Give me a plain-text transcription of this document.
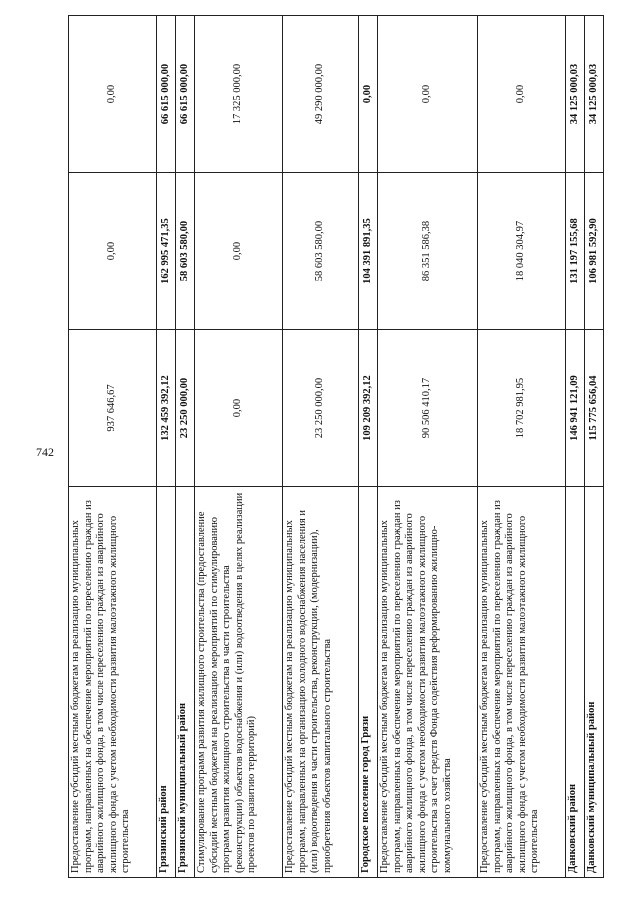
742
Предоставление субсидий местным бюджетам на реализацию муниципальных программ, направленных на обеспечение мероприятий по переселению граждан из аварийного жилищного фонда, в том числе переселению граждан из аварийного жилищного фонда с учетом необходимости развития малоэтажного жилищного строительства	937 646,67	0,00	0,00
Грязинский район	132 459 392,12	162 995 471,35	66 615 000,00
Грязинский муниципальный район	23 250 000,00	58 603 580,00	66 615 000,00
Стимулирование программ развития жилищного строительства (предоставление субсидий местным бюджетам на реализацию мероприятий по стимулированию программ развития жилищного строительства в части строительства (реконструкции) объектов водоснабжения и (или) водоотведения в целях реализации проектов по развитию территорий)	0,00	0,00	17 325 000,00
Предоставление субсидий местным бюджетам на реализацию муниципальных программ, направленных на организацию холодного водоснабжения населения и (или) водоотведения в части строительства, реконструкции, (модернизации), приобретения объектов капитального строительства	23 250 000,00	58 603 580,00	49 290 000,00
Городское поселение город Грязи	109 209 392,12	104 391 891,35	0,00
Предоставление субсидий местным бюджетам на реализацию муниципальных программ, направленных на обеспечение мероприятий по переселению граждан из аварийного жилищного фонда, в том числе переселению граждан из аварийного жилищного фонда с учетом необходимости развития малоэтажного жилищного строительства за счет средств Фонда содействия реформированию жилищно-коммунального хозяйства	90 506 410,17	86 351 586,38	0,00
Предоставление субсидий местным бюджетам на реализацию муниципальных программ, направленных на обеспечение мероприятий по переселению граждан из аварийного жилищного фонда, в том числе переселению граждан из аварийного жилищного фонда с учетом необходимости развития малоэтажного жилищного строительства	18 702 981,95	18 040 304,97	0,00
Данковский район	146 941 121,09	131 197 155,68	34 125 000,03
Данковский муниципальный район	115 775 656,04	106 981 592,90	34 125 000,03
